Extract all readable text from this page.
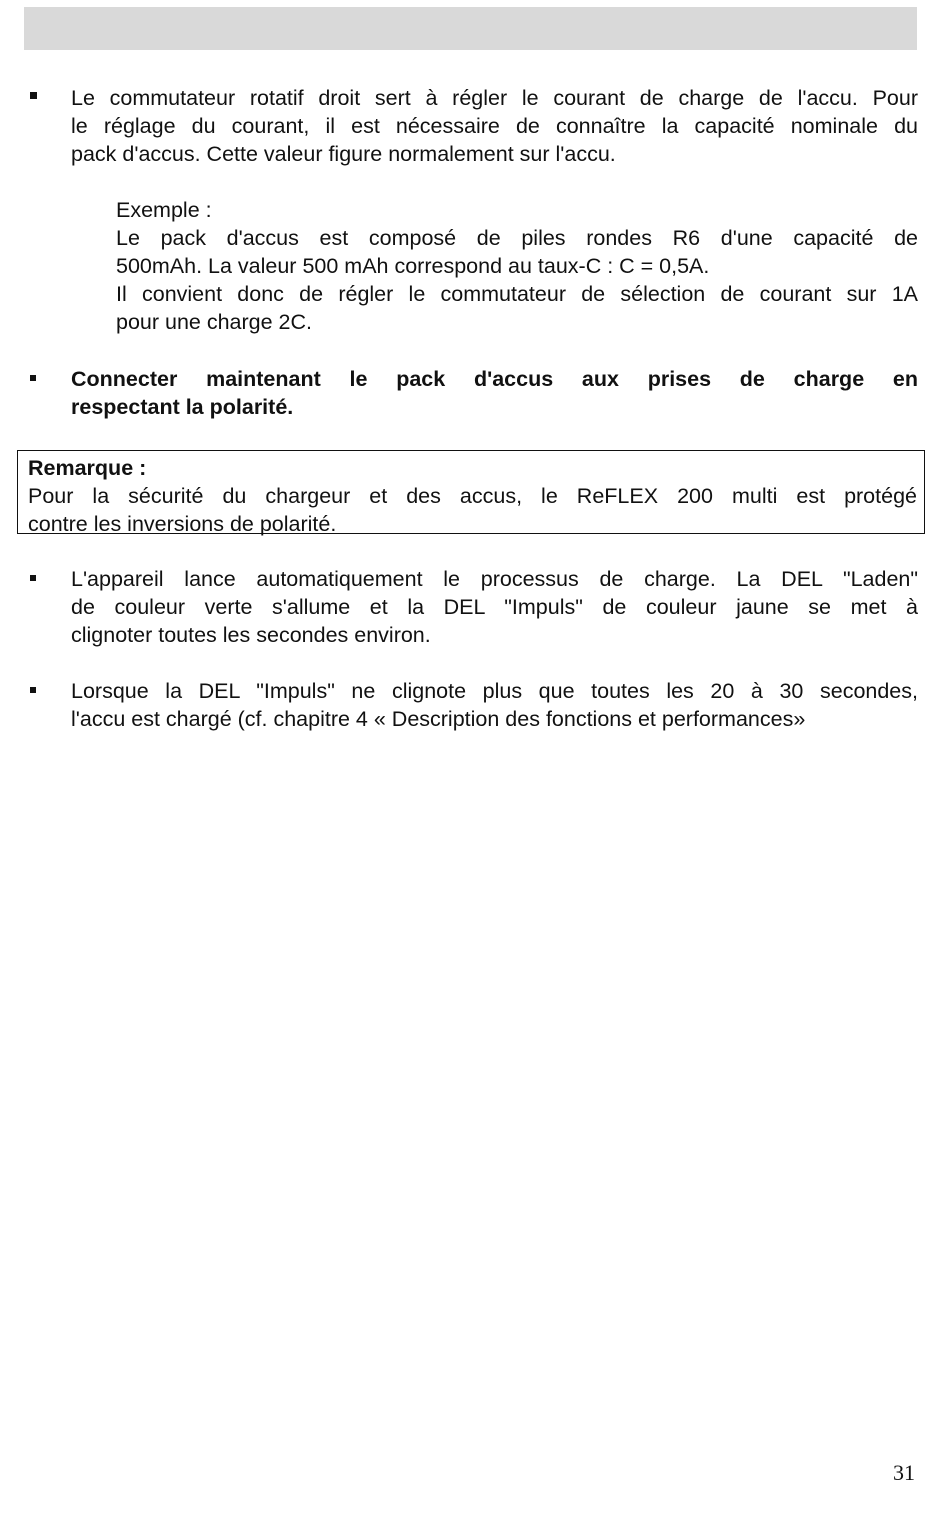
Le commutateur rotatif droit sert à régler le courant de charge de l'accu. Pour
le réglage du courant, il est nécessaire de connaître la capacité nominale du
pack d'accus. Cette valeur figure normalement sur l'accu.

Exemple :
Le pack d'accus est composé de piles rondes R6 d'une capacité de
500mAh. La valeur 500 mAh correspond au taux-C : C = 0,5A.
Il convient donc de régler le commutateur de sélection de courant sur 1A
pour une charge 2C.

Connecter maintenant le pack d'accus aux prises de charge en
respectant la polarité.

Remarque :
Pour la sécurité du chargeur et des accus, le ReFLEX 200 multi est protégé
contre les inversions de polarité.

L'appareil lance automatiquement le processus de charge. La DEL "Laden"
de couleur verte s'allume et la DEL "Impuls" de couleur jaune se met à
clignoter toutes les secondes environ.

Lorsque la DEL "Impuls" ne clignote plus que toutes les 20 à 30 secondes,
l'accu est chargé (cf. chapitre 4 « Description des fonctions et performances»

31
